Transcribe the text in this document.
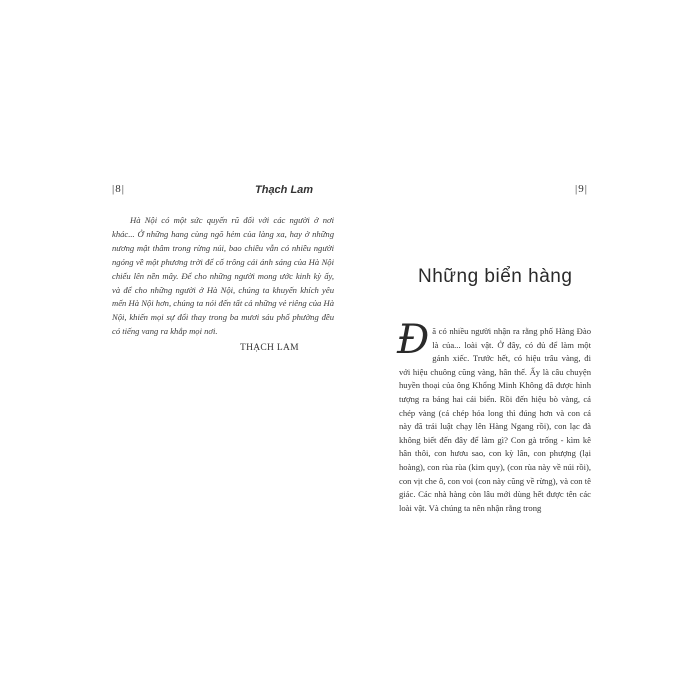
|8|	Thạch Lam

Hà Nội có một sức quyến rũ đối với các người ở nơi khác... Ở những hang cùng ngõ hẻm của làng xa, hay ở những nương mật thâm trong rừng núi, bao chiều vẫn có nhiều người ngóng về một phương trời để cố trông cái ánh sáng của Hà Nội chiếu lên nền mây. Để cho những người mong ước kinh kỳ ấy, và để cho những người ở Hà Nội, chúng ta khuyến khích yêu mến Hà Nội hơn, chúng ta nói đến tất cả những vẻ riêng của Hà Nội, khiến mọi sự đổi thay trong ba mươi sáu phố phường đều có tiếng vang ra khắp mọi nơi.

THẠCH LAM
|9|
Những biển hàng
Đ ã có nhiều người nhận ra rằng phố Hàng Đào là của... loài vật. Ở đây, có đủ để làm một gánh xiếc. Trước hết, có hiệu trâu vàng, đi với hiệu chuông cũng vàng, hân thế. Ấy là câu chuyện huyền thoại của ông Khổng Minh Không đã được hình tượng ra bảng hai cái biển. Rồi đến hiệu bò vàng, cá chép vàng (cá chép hóa long thì đúng hơn và con cá này đã trái luật chạy lên Hàng Ngang rồi), con lạc đà không biết đến đây để làm gì? Con gà trống - kìm kê hân thôi, con hươu sao, con kỳ lân, con phượng (lại hoàng), con rùa rùa (kim quy), (con rùa này về núi rồi), con vịt che ô, con voi (con này cũng về rừng), và con tê giác. Các nhà hàng còn lâu mới dùng hết được tên các loài vật. Và chúng ta nên nhận rằng trong
